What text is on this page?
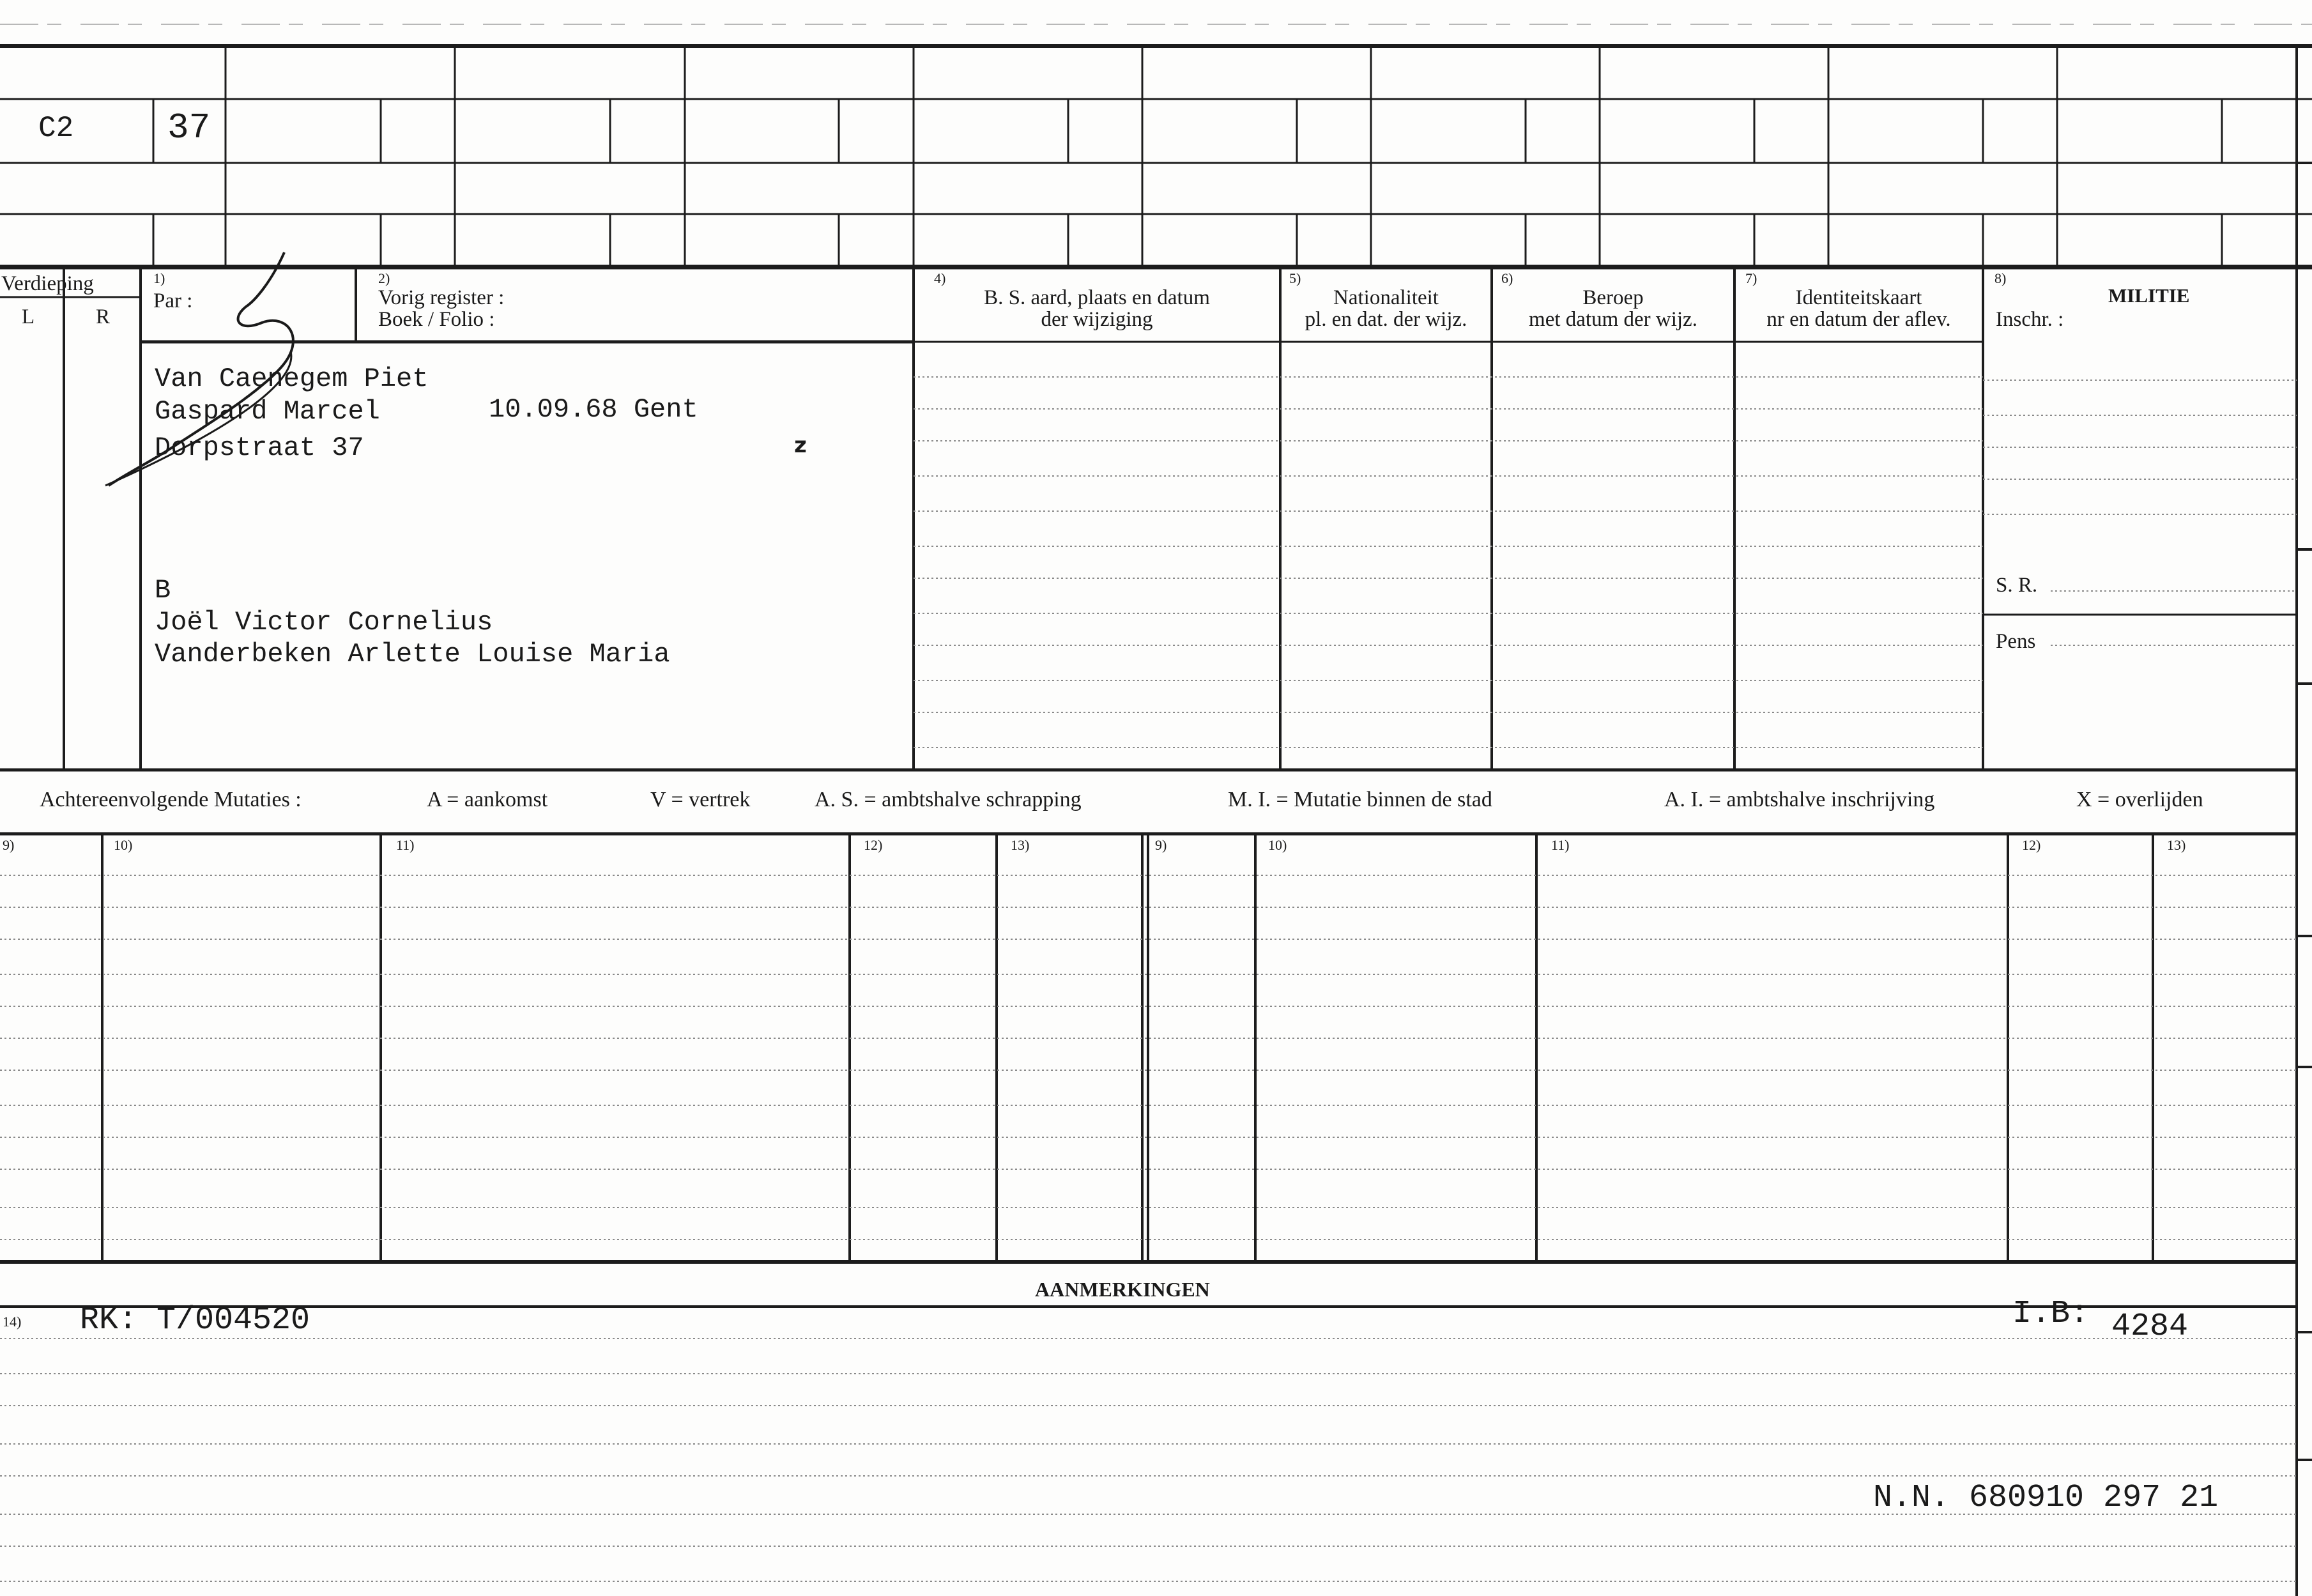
C2	37
Verdieping
L	R
1)
Par :
2)
Vorig register :
Boek / Folio :
4)
B. S. aard, plaats en datum
der wijziging
5)
Nationaliteit
pl. en dat. der wijz.
6)
Beroep
met datum der wijz.
7)
Identiteitskaart
nr en datum der aflev.
8)
MILITIE
Inschr. :
S. R.
Pens
Van Caenegem Piet
Gaspard Marcel	10.09.68 Gent
Dorpstraat 37	z
B
Joël Victor Cornelius
Vanderbeken Arlette Louise Maria
Achtereenvolgende Mutaties :	A = aankomst	V = vertrek	A. S. = ambtshalve schrapping	M. I. = Mutatie binnen de stad	A. I. = ambtshalve inschrijving	X = overlijden
9)	10)	11)	12)	13)	9)	10)	11)	12)	13)
AANMERKINGEN
14) RK: T/004520	I.B: 4284
N.N. 680910 297 21
